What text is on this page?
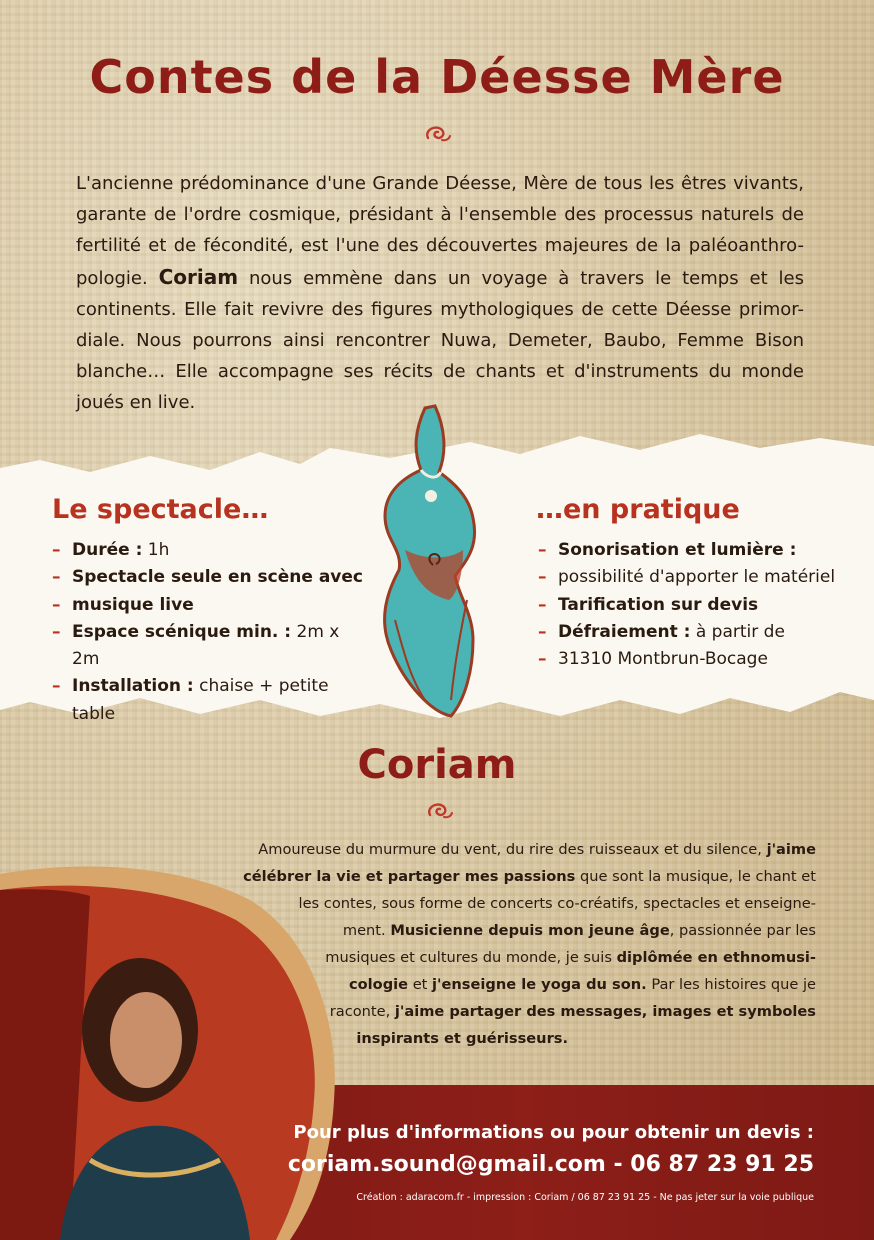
Contes de la Déesse Mère

L'ancienne prédominance d'une Grande Déesse, Mère de tous les êtres vivants, garante de l'ordre cosmique, présidant à l'ensemble des processus naturels de fertilité et de fécondité, est l'une des découvertes majeures de la paléoanthro- pologie. Coriam nous emmène dans un voyage à travers le temps et les continents. Elle fait revivre des figures mythologiques de cette Déesse primor- diale. Nous pourrons ainsi rencontrer Nuwa, Demeter, Baubo, Femme Bison blanche… Elle accompagne ses récits de chants et d'instruments du monde joués en live.

Le spectacle…
– Durée : 1h
– Spectacle seule en scène avec
– musique live
– Espace scénique min. : 2m x 2m
– Installation : chaise + petite table
…en pratique
– Sonorisation et lumière :
– possibilité d'apporter le matériel
– Tarification sur devis
– Défraiement : à partir de
– 31310 Montbrun-Bocage
Coriam

Amoureuse du murmure du vent, du rire des ruisseaux et du silence, j'aime
célébrer la vie et partager mes passions que sont la musique, le chant et
les contes, sous forme de concerts co-créatifs, spectacles et enseigne-
ment. Musicienne depuis mon jeune âge, passionnée par les
musiques et cultures du monde, je suis diplômée en ethnomusi-
cologie et j'enseigne le yoga du son. Par les histoires que je
raconte, j'aime partager des messages, images et symboles
inspirants et guérisseurs.

Pour plus d'informations ou pour obtenir un devis :

coriam.sound@gmail.com - 06 87 23 91 25

Création : adaracom.fr - impression : Coriam / 06 87 23 91 25 - Ne pas jeter sur la voie publique
